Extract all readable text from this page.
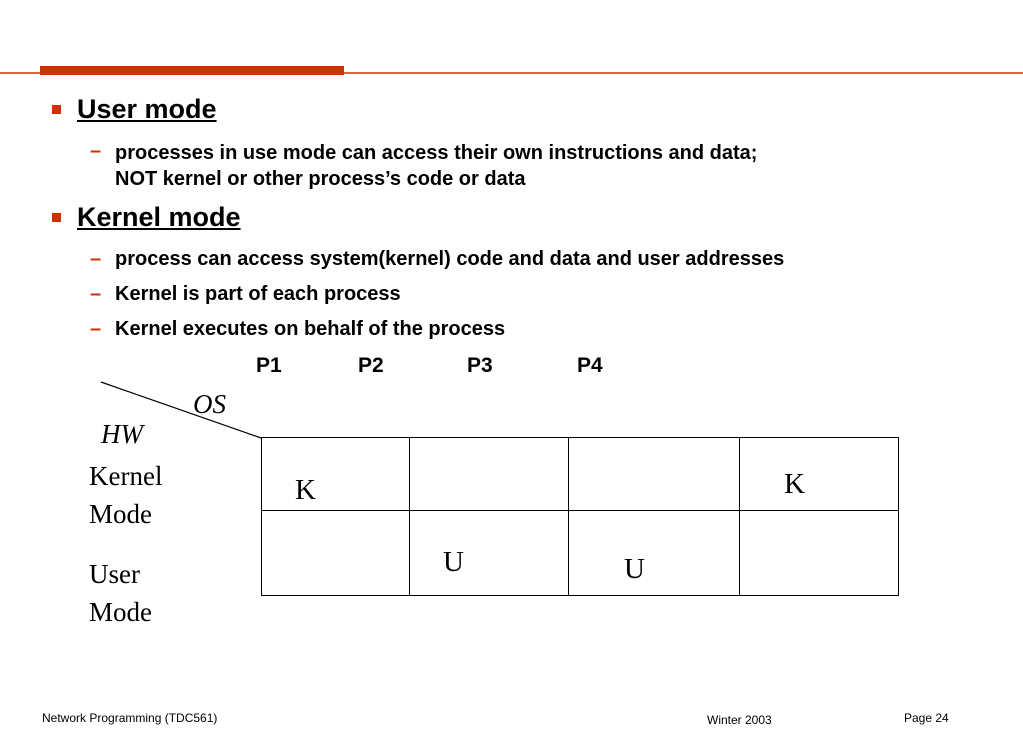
User mode
– processes in use mode can access their own instructions and data;
NOT kernel or other process’s code or data
Kernel mode
– process can access system(kernel) code and data and user addresses
– Kernel is part of each process
– Kernel executes on behalf of the process
P1	P2	P3	P4
OS
HW
Kernel
Mode
User
Mode
K			K

	U	U	

Network Programming (TDC561)	Winter 2003	Page 24
